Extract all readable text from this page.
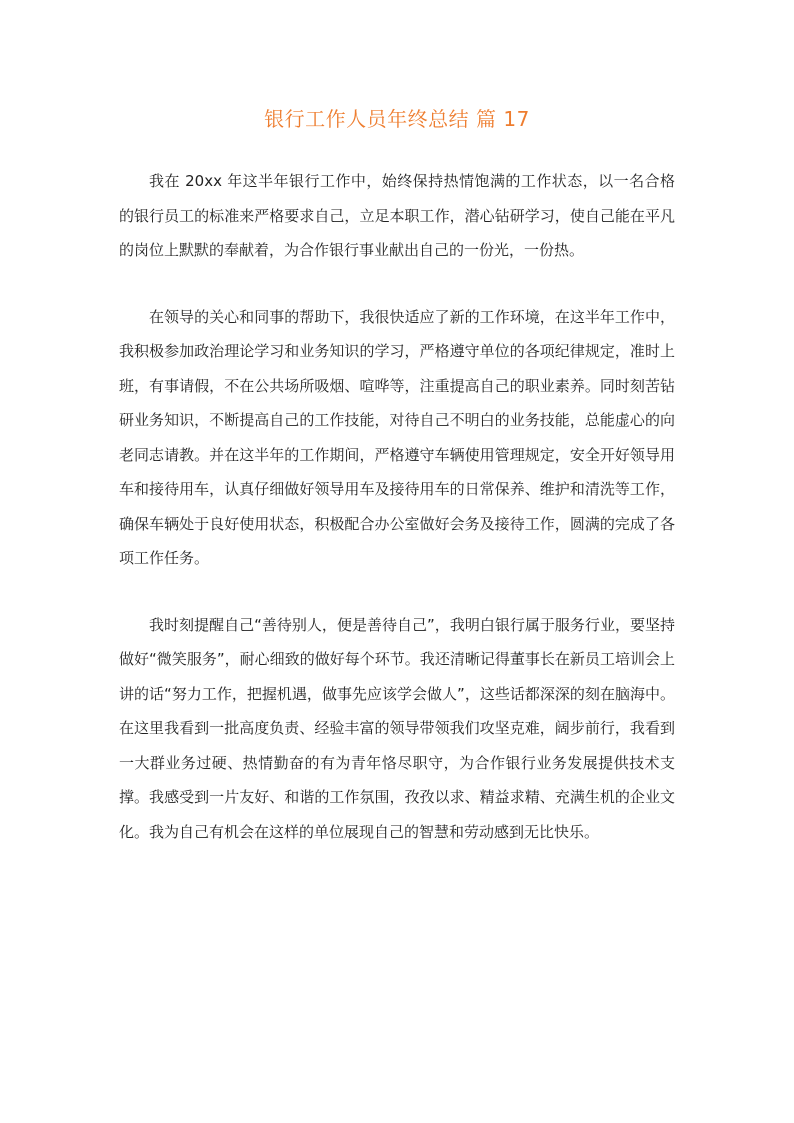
银行工作人员年终总结 篇 17

我在 20xx 年这半年银行工作中，始终保持热情饱满的工作状态，以一名合格的银行员工的标准来严格要求自己，立足本职工作，潜心钻研学习，使自己能在平凡的岗位上默默的奉献着，为合作银行事业献出自己的一份光，一份热。

在领导的关心和同事的帮助下，我很快适应了新的工作环境，在这半年工作中，我积极参加政治理论学习和业务知识的学习，严格遵守单位的各项纪律规定，准时上班，有事请假，不在公共场所吸烟、喧哗等，注重提高自己的职业素养。同时刻苦钻研业务知识，不断提高自己的工作技能，对待自己不明白的业务技能，总能虚心的向老同志请教。并在这半年的工作期间，严格遵守车辆使用管理规定，安全开好领导用车和接待用车，认真仔细做好领导用车及接待用车的日常保养、维护和清洗等工作，确保车辆处于良好使用状态，积极配合办公室做好会务及接待工作，圆满的完成了各项工作任务。

我时刻提醒自己“善待别人，便是善待自己”，我明白银行属于服务行业，要坚持做好“微笑服务”，耐心细致的做好每个环节。我还清晰记得董事长在新员工培训会上讲的话“努力工作，把握机遇，做事先应该学会做人”，这些话都深深的刻在脑海中。在这里我看到一批高度负责、经验丰富的领导带领我们攻坚克难，阔步前行，我看到一大群业务过硬、热情勤奋的有为青年恪尽职守，为合作银行业务发展提供技术支撑。我感受到一片友好、和谐的工作氛围，孜孜以求、精益求精、充满生机的企业文化。我为自己有机会在这样的单位展现自己的智慧和劳动感到无比快乐。
